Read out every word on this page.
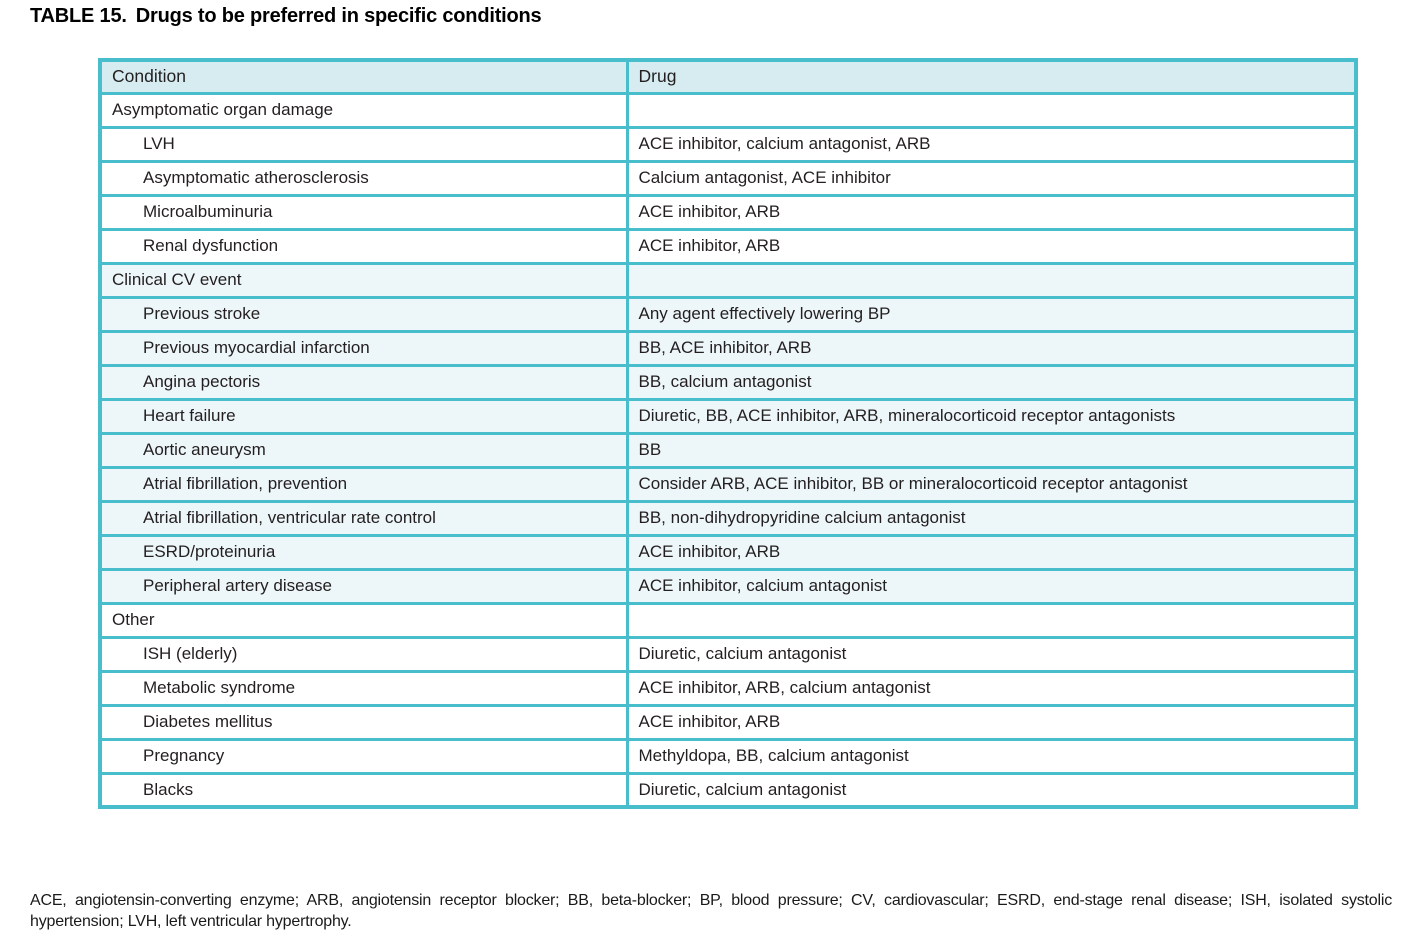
TABLE 15. Drugs to be preferred in specific conditions
Condition	Drug
Asymptomatic organ damage	
LVH	ACE inhibitor, calcium antagonist, ARB
Asymptomatic atherosclerosis	Calcium antagonist, ACE inhibitor
Microalbuminuria	ACE inhibitor, ARB
Renal dysfunction	ACE inhibitor, ARB
Clinical CV event	
Previous stroke	Any agent effectively lowering BP
Previous myocardial infarction	BB, ACE inhibitor, ARB
Angina pectoris	BB, calcium antagonist
Heart failure	Diuretic, BB, ACE inhibitor, ARB, mineralocorticoid receptor antagonists
Aortic aneurysm	BB
Atrial fibrillation, prevention	Consider ARB, ACE inhibitor, BB or mineralocorticoid receptor antagonist
Atrial fibrillation, ventricular rate control	BB, non-dihydropyridine calcium antagonist
ESRD/proteinuria	ACE inhibitor, ARB
Peripheral artery disease	ACE inhibitor, calcium antagonist
Other	
ISH (elderly)	Diuretic, calcium antagonist
Metabolic syndrome	ACE inhibitor, ARB, calcium antagonist
Diabetes mellitus	ACE inhibitor, ARB
Pregnancy	Methyldopa, BB, calcium antagonist
Blacks	Diuretic, calcium antagonist
ACE, angiotensin-converting enzyme; ARB, angiotensin receptor blocker; BB, beta-blocker; BP, blood pressure; CV, cardiovascular; ESRD, end-stage renal disease; ISH, isolated systolic hypertension; LVH, left ventricular hypertrophy.
